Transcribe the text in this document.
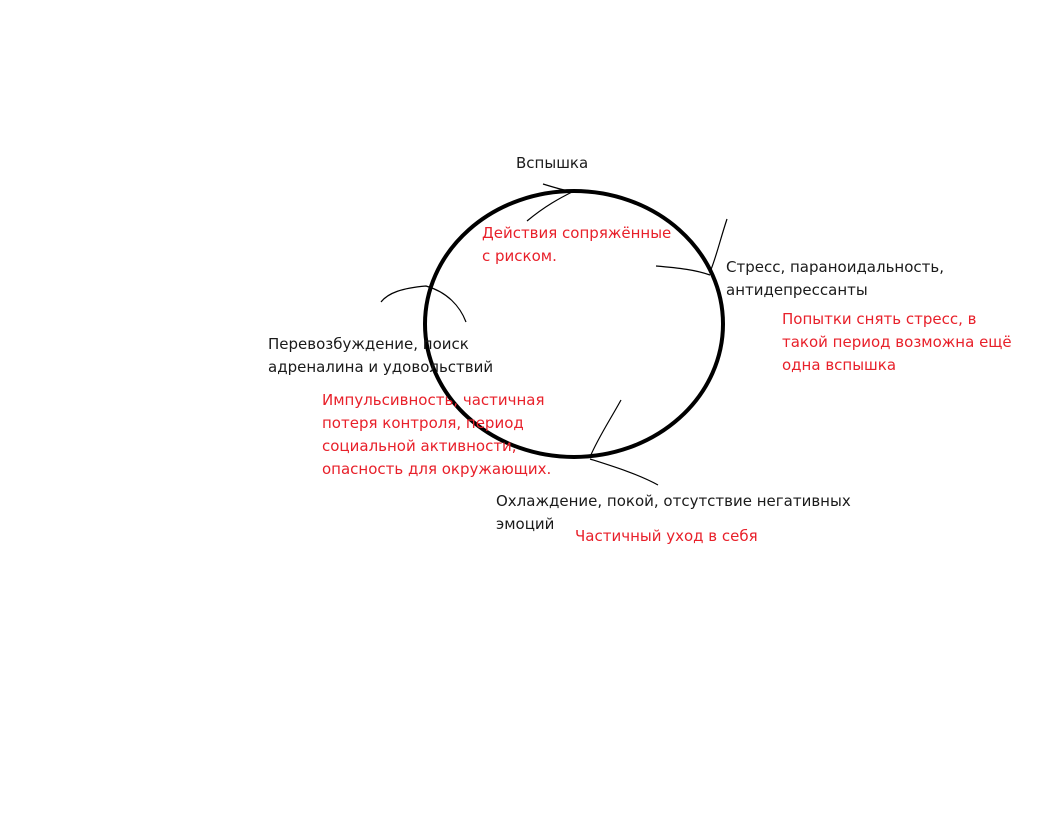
Вспышка
Действия сопряжённые
с риском.
Стресс, параноидальность,
антидепрессанты
Попытки снять стресс, в
такой период возможна ещё
одна вспышка
Охлаждение, покой, отсутствие негативных
эмоций
Частичный уход в себя
Перевозбуждение, поиск
адреналина и удовольствий
Импульсивность, частичная
потеря контроля, период
социальной активности,
опасность для окружающих.
